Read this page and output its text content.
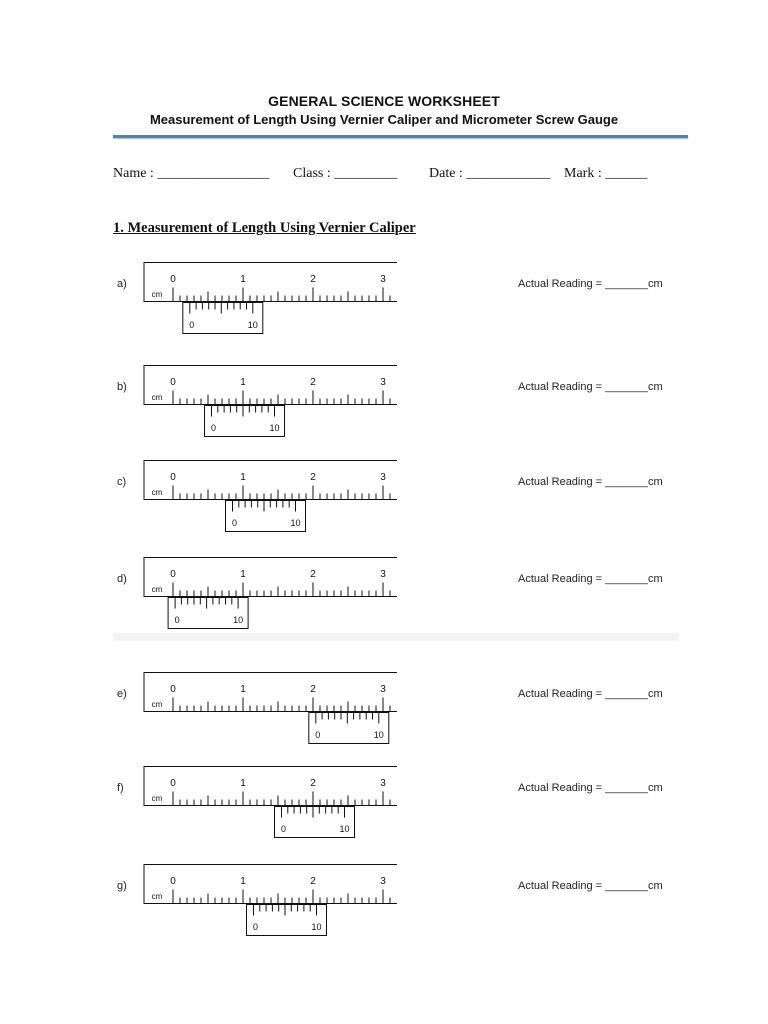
GENERAL SCIENCE WORKSHEET
Measurement of Length Using Vernier Caliper and Micrometer Screw Gauge
Name : ________________ Class : _________ Date : ____________ Mark : ______
1. Measurement of Length Using Vernier Caliper
a)	0	1	2	3
cm
0	10
Actual Reading = _______cm
b)	0	1	2	3
cm
0	10
Actual Reading = _______cm
c)	0	1	2	3
cm
0	10
Actual Reading = _______cm
d)	0	1	2	3
cm
0	10
Actual Reading = _______cm
e)	0	1	2	3
cm
0	10
Actual Reading = _______cm
f)	0	1	2	3
cm
0	10
Actual Reading = _______cm
g)	0	1	2	3
cm
0	10
Actual Reading = _______cm
